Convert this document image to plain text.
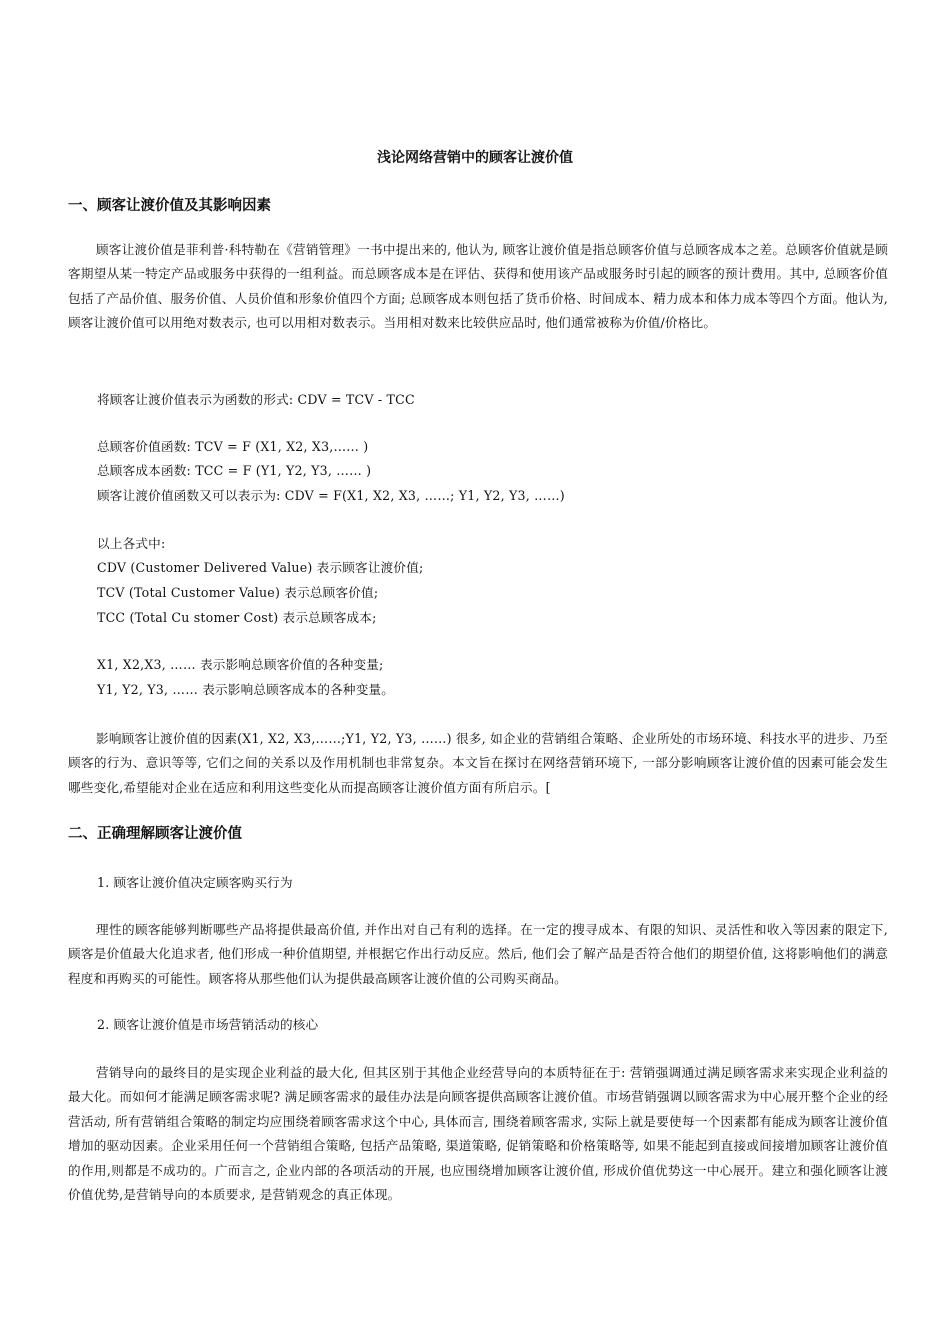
浅论网络营销中的顾客让渡价值
一、顾客让渡价值及其影响因素
顾客让渡价值是菲利普·科特勒在《营销管理》一书中提出来的, 他认为, 顾客让渡价值是指总顾客价值与总顾客成本之差。总顾客价值就是顾客期望从某一特定产品或服务中获得的一组利益。而总顾客成本是在评估、获得和使用该产品或服务时引起的顾客的预计费用。其中, 总顾客价值包括了产品价值、服务价值、人员价值和形象价值四个方面; 总顾客成本则包括了货币价格、时间成本、精力成本和体力成本等四个方面。他认为, 顾客让渡价值可以用绝对数表示, 也可以用相对数表示。当用相对数来比较供应品时, 他们通常被称为价值/价格比。
将顾客让渡价值表示为函数的形式: CDV = TCV - TCC
总顾客价值函数: TCV = F (X1, X2, X3,…… )
总顾客成本函数: TCC = F (Y1, Y2, Y3, …… )
顾客让渡价值函数又可以表示为: CDV = F(X1, X2, X3, ……; Y1, Y2, Y3, ……)
以上各式中:
CDV (Customer Delivered Value) 表示顾客让渡价值;
TCV (Total Customer Value) 表示总顾客价值;
TCC (Total Cu stomer Cost) 表示总顾客成本;
X1, X2,X3, …… 表示影响总顾客价值的各种变量;
Y1, Y2, Y3, …… 表示影响总顾客成本的各种变量。
影响顾客让渡价值的因素(X1, X2, X3,……;Y1, Y2, Y3, ……) 很多, 如企业的营销组合策略、企业所处的市场环境、科技水平的进步、乃至顾客的行为、意识等等, 它们之间的关系以及作用机制也非常复杂。本文旨在探讨在网络营销环境下, 一部分影响顾客让渡价值的因素可能会发生哪些变化,希望能对企业在适应和利用这些变化从而提高顾客让渡价值方面有所启示。[
二、正确理解顾客让渡价值
1. 顾客让渡价值决定顾客购买行为
理性的顾客能够判断哪些产品将提供最高价值, 并作出对自己有利的选择。在一定的搜寻成本、有限的知识、灵活性和收入等因素的限定下, 顾客是价值最大化追求者, 他们形成一种价值期望, 并根据它作出行动反应。然后, 他们会了解产品是否符合他们的期望价值, 这将影响他们的满意程度和再购买的可能性。顾客将从那些他们认为提供最高顾客让渡价值的公司购买商品。
2. 顾客让渡价值是市场营销活动的核心
营销导向的最终目的是实现企业利益的最大化, 但其区别于其他企业经营导向的本质特征在于: 营销强调通过满足顾客需求来实现企业利益的最大化。而如何才能满足顾客需求呢? 满足顾客需求的最佳办法是向顾客提供高顾客让渡价值。市场营销强调以顾客需求为中心展开整个企业的经营活动, 所有营销组合策略的制定均应围绕着顾客需求这个中心, 具体而言, 围绕着顾客需求, 实际上就是要使每一个因素都有能成为顾客让渡价值增加的驱动因素。企业采用任何一个营销组合策略, 包括产品策略, 渠道策略, 促销策略和价格策略等, 如果不能起到直接或间接增加顾客让渡价值的作用,则都是不成功的。广而言之, 企业内部的各项活动的开展, 也应围绕增加顾客让渡价值, 形成价值优势这一中心展开。建立和强化顾客让渡价值优势,是营销导向的本质要求, 是营销观念的真正体现。
